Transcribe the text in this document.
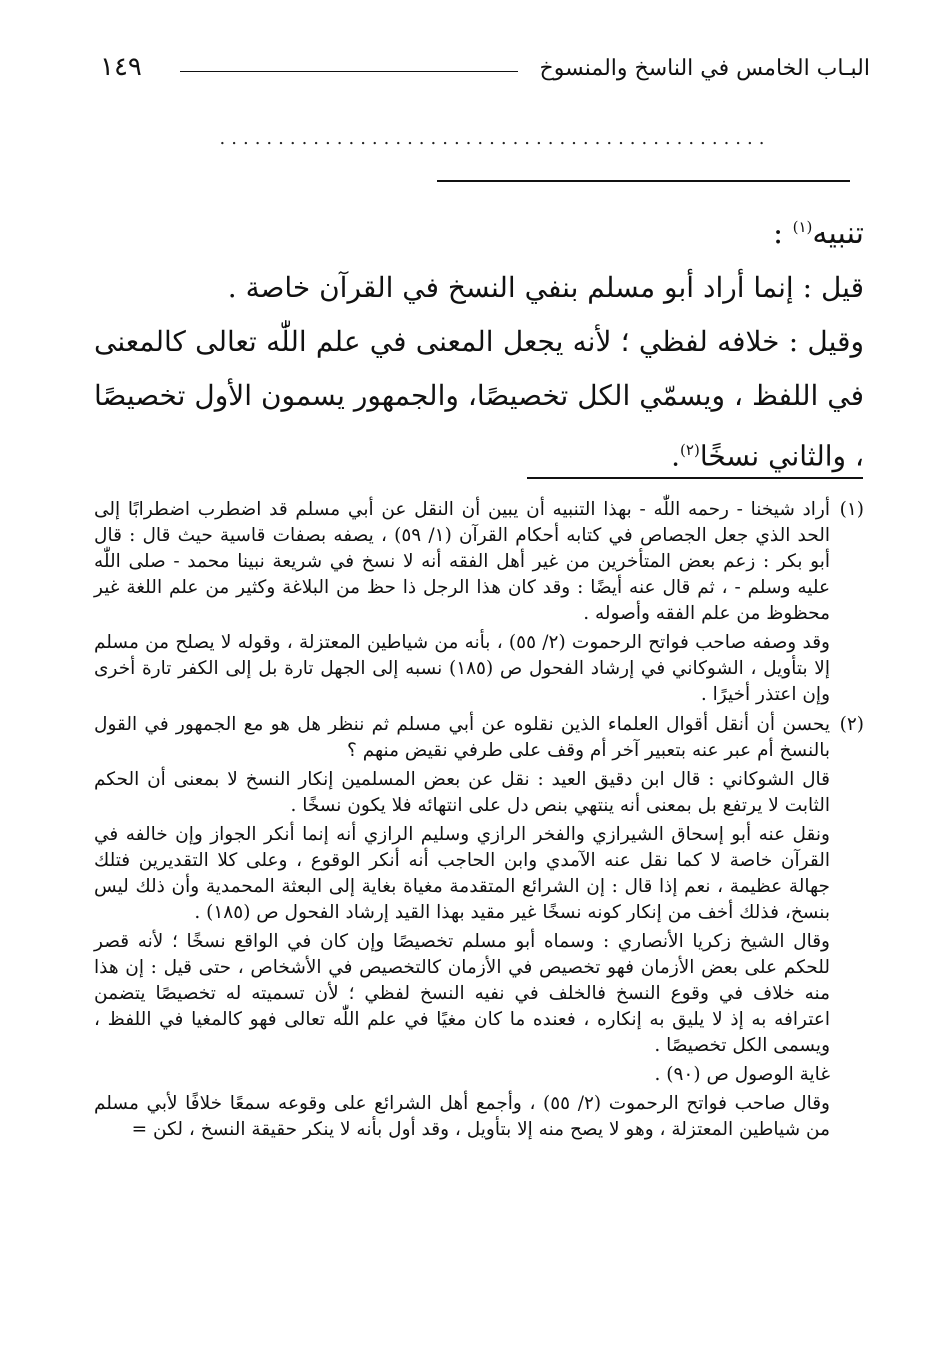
البـاب الخامس في الناسخ والمنسوخ
١٤٩
...............................................

تنبيه$^{(١)}$ :

قيل : إنما أراد أبو مسلم بنفي النسخ في القرآن خاصة .

وقيل : خلافه لفظي ؛ لأنه يجعل المعنى في علم اللّٰه تعالى كالمعنى في اللفظ ، ويسمّي الكل تخصيصًا، والجمهور يسمون الأول تخصيصًا ، والثاني نسخًا$^{(٢)}$.

(١)

أراد شيخنا - رحمه اللّٰه - بهذا التنبيه أن يبين أن النقل عن أبي مسلم قد اضطرب اضطرابًا إلى الحد الذي جعل الجصاص في كتابه أحكام القرآن (١/ ٥٩) ، يصفه بصفات قاسية حيث قال : قال أبو بكر : زعم بعض المتأخرين من غير أهل الفقه أنه لا نسخ في شريعة نبينا محمد - صلى اللّٰه عليه وسلم - ، ثم قال عنه أيضًا : وقد كان هذا الرجل ذا حظ من البلاغة وكثير من علم اللغة غير محظوظ من علم الفقه وأصوله .

وقد وصفه صاحب فواتح الرحموت (٢/ ٥٥) ، بأنه من شياطين المعتزلة ، وقوله لا يصلح من مسلم إلا بتأويل ، الشوكاني في إرشاد الفحول ص (١٨٥) نسبه إلى الجهل تارة بل إلى الكفر تارة أخرى وإن اعتذر أخيرًا .

(٢)

يحسن أن أنقل أقوال العلماء الذين نقلوه عن أبي مسلم ثم ننظر هل هو مع الجمهور في القول بالنسخ أم عبر عنه بتعبير آخر أم وقف على طرفي نقيض منهم ؟

قال الشوكاني : قال ابن دقيق العيد : نقل عن بعض المسلمين إنكار النسخ لا بمعنى أن الحكم الثابت لا يرتفع بل بمعنى أنه ينتهي بنص دل على انتهائه فلا يكون نسخًا .

ونقل عنه أبو إسحاق الشيرازي والفخر الرازي وسليم الرازي أنه إنما أنكر الجواز وإن خالفه في القرآن خاصة لا كما نقل عنه الآمدي وابن الحاجب أنه أنكر الوقوع ، وعلى كلا التقديرين فتلك جهالة عظيمة ، نعم إذا قال : إن الشرائع المتقدمة مغياة بغاية إلى البعثة المحمدية وأن ذلك ليس بنسخ، فذلك أخف من إنكار كونه نسخًا غير مقيد بهذا القيد إرشاد الفحول ص (١٨٥) .

وقال الشيخ زكريا الأنصاري : وسماه أبو مسلم تخصيصًا وإن كان في الواقع نسخًا ؛ لأنه قصر للحكم على بعض الأزمان فهو تخصيص في الأزمان كالتخصيص في الأشخاص ، حتى قيل : إن هذا منه خلاف في وقوع النسخ فالخلف في نفيه النسخ لفظي ؛ لأن تسميته له تخصيصًا يتضمن اعترافه به إذ لا يليق به إنكاره ، فعنده ما كان مغيًا في علم اللّٰه تعالى فهو كالمغيا في اللفظ ، ويسمى الكل تخصيصًا .

غاية الوصول ص (٩٠) .

وقال صاحب فواتح الرحموت (٢/ ٥٥) ، وأجمع أهل الشرائع على وقوعه سمعًا خلافًا لأبي مسلم من شياطين المعتزلة ، وهو لا يصح منه إلا بتأويل ، وقد أول بأنه لا ينكر حقيقة النسخ ، لكن =
